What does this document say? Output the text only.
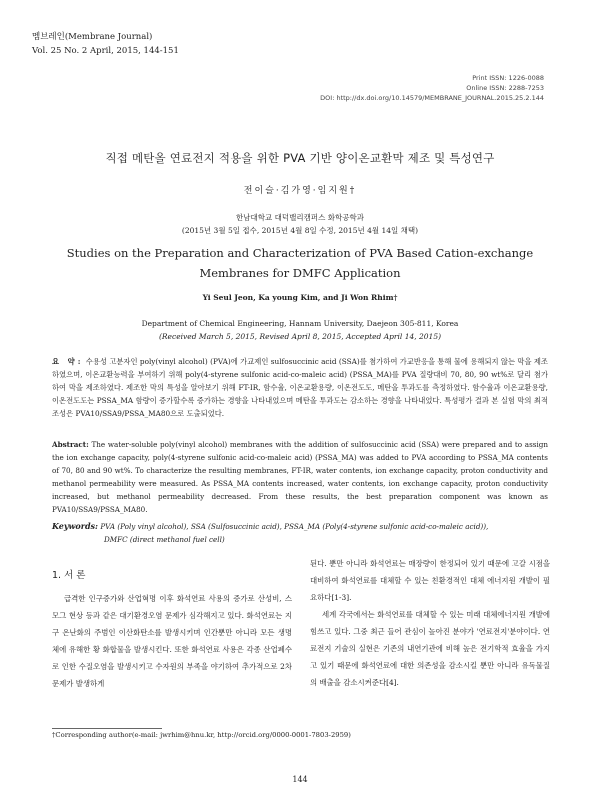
멤브레인(Membrane Journal)
Vol. 25 No. 2 April, 2015, 144-151
Print ISSN: 1226-0088
Online ISSN: 2288-7253
DOI: http://dx.doi.org/10.14579/MEMBRANE_JOURNAL.2015.25.2.144
직접 메탄올 연료전지 적용을 위한 PVA 기반 양이온교환막 제조 및 특성연구
전이슬·김가영·임지원†
한남대학교 대덕밸리캠퍼스 화학공학과
(2015년 3월 5일 접수, 2015년 4월 8일 수정, 2015년 4월 14일 채택)
Studies on the Preparation and Characterization of PVA Based Cation-exchange Membranes for DMFC Application
Yi Seul Jeon, Ka young Kim, and Ji Won Rhim†
Department of Chemical Engineering, Hannam University, Daejeon 305-811, Korea
(Received March 5, 2015, Revised April 8, 2015, Accepted April 14, 2015)
요 약: 수용성 고분자인 poly(vinyl alcohol) (PVA)에 가교제인 sulfosuccinic acid (SSA)를 첨가하여 가교반응을 통해 물에 용해되지 않는 막을 제조하였으며, 이온교환능력을 부여하기 위해 poly(4-styrene sulfonic acid-co-maleic acid) (PSSA_MA)를 PVA 질량대비 70, 80, 90 wt%로 달리 첨가하여 막을 제조하였다. 제조한 막의 특성을 알아보기 위해 FT-IR, 함수율, 이온교환용량, 이온전도도, 메탄올 투과도를 측정하였다. 함수율과 이온교환용량, 이온전도도는 PSSA_MA 함량이 증가할수록 증가하는 경향을 나타내었으며 메탄올 투과도는 감소하는 경향을 나타내었다. 특성평가 결과 본 실험 막의 최적 조성은 PVA10/SSA9/PSSA_MA80으로 도출되었다.
Abstract: The water-soluble poly(vinyl alcohol) membranes with the addition of sulfosuccinic acid (SSA) were prepared and to assign the ion exchange capacity, poly(4-styrene sulfonic acid-co-maleic acid) (PSSA_MA) was added to PVA according to PSSA_MA contents of 70, 80 and 90 wt%. To characterize the resulting membranes, FT-IR, water contents, ion exchange capacity, proton conductivity and methanol permeability were measured. As PSSA_MA contents increased, water contents, ion exchange capacity, proton conductivity increased, but methanol permeability decreased. From these results, the best preparation component was known as PVA10/SSA9/PSSA_MA80.
Keywords: PVA (Poly vinyl alcohol), SSA (Sulfosuccinic acid), PSSA_MA (Poly(4-styrene sulfonic acid-co-maleic acid)),
DMFC (direct methanol fuel cell)
1. 서 론

급격한 인구증가와 산업혁명 이후 화석연료 사용의 증가로 산성비, 스모그 현상 등과 같은 대기환경오염 문제가 심각해지고 있다. 화석연료는 지구 온난화의 주범인 이산화탄소를 발생시키며 인간뿐만 아니라 모든 생명체에 유해한 황 화합물을 발생시킨다. 또한 화석연료 사용은 각종 산업폐수로 인한 수질오염을 발생시키고 수자원의 부족을 야기하여 추가적으로 2차 문제가 발생하게

된다. 뿐만 아니라 화석연료는 매장량이 한정되어 있기 때문에 고갈 시점을 대비하여 화석연료를 대체할 수 있는 친환경적인 대체 에너지원 개발이 필요하다[1-3].

세계 각국에서는 화석연료를 대체할 수 있는 미래 대체에너지원 개발에 힘쓰고 있다. 그중 최근 들어 관심이 높아진 분야가 '연료전지'분야이다. 연료전지 기술의 실현은 기존의 내연기관에 비해 높은 전기학적 효율을 가지고 있기 때문에 화석연료에 대한 의존성을 감소시킬 뿐만 아니라 유독물질의 배출을 감소시켜준다[4].

†Corresponding author(e-mail: jwrhim@hnu.kr, http://orcid.org/0000-0001-7803-2959)
144
